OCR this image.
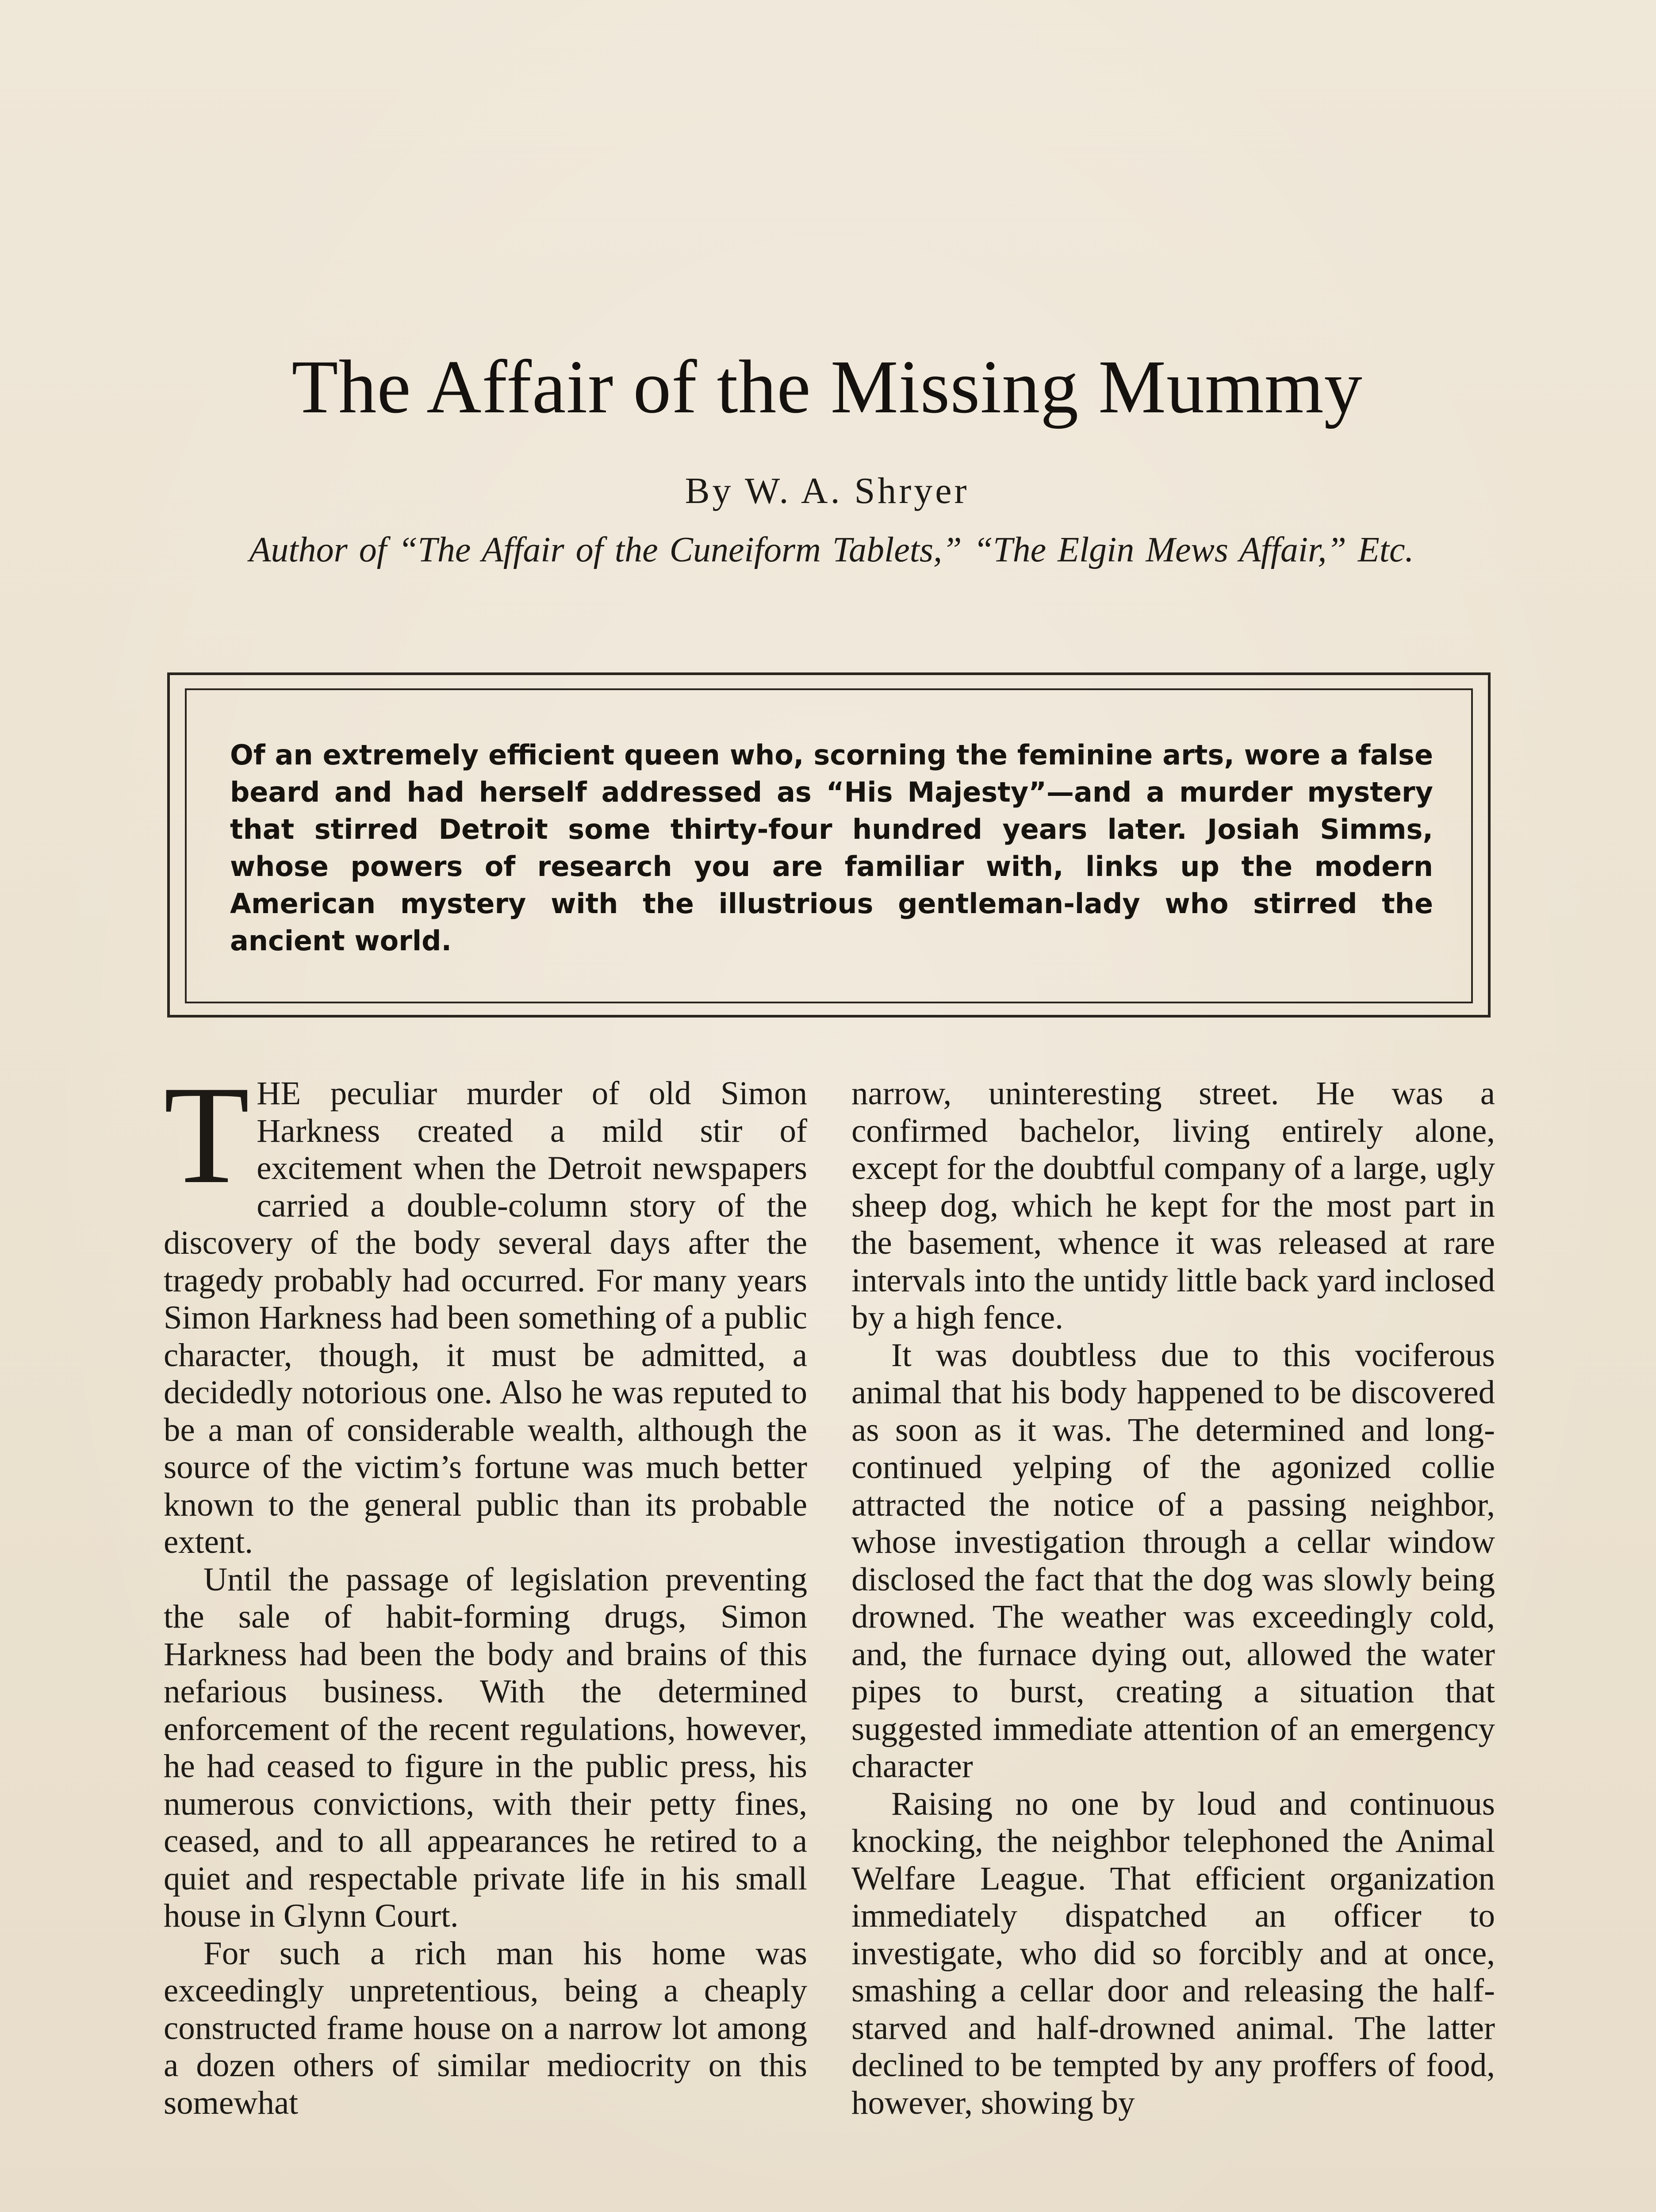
The Affair of the Missing Mummy
By W. A. Shryer
Author of “The Affair of the Cuneiform Tablets,” “The Elgin Mews Affair,” Etc.

Of an extremely efficient queen who, scorning the feminine arts, wore a false beard and had herself addressed as “His Majesty”—and a murder mystery that stirred Detroit some thirty-four hundred years later. Josiah Simms, whose powers of research you are familiar with, links up the modern American mystery with the illustrious gentleman-lady who stirred the ancient world.

THE peculiar murder of old Simon Harkness created a mild stir of excitement when the Detroit newspapers carried a double-column story of the discovery of the body several days after the tragedy probably had occurred. For many years Simon Harkness had been something of a public character, though, it must be admitted, a decidedly notorious one. Also he was reputed to be a man of considerable wealth, although the source of the victim’s fortune was much better known to the general public than its probable extent.

Until the passage of legislation preventing the sale of habit-forming drugs, Simon Harkness had been the body and brains of this nefarious business. With the determined enforcement of the recent regulations, however, he had ceased to figure in the public press, his numerous convictions, with their petty fines, ceased, and to all appearances he retired to a quiet and respectable private life in his small house in Glynn Court.

For such a rich man his home was exceedingly unpretentious, being a cheaply constructed frame house on a narrow lot among a dozen others of similar mediocrity on this somewhat

narrow, uninteresting street. He was a confirmed bachelor, living entirely alone, except for the doubtful company of a large, ugly sheep dog, which he kept for the most part in the basement, whence it was released at rare intervals into the untidy little back yard inclosed by a high fence.

It was doubtless due to this vociferous animal that his body happened to be discovered as soon as it was. The determined and long-continued yelping of the agonized collie attracted the notice of a passing neighbor, whose investigation through a cellar window disclosed the fact that the dog was slowly being drowned. The weather was exceedingly cold, and, the furnace dying out, allowed the water pipes to burst, creating a situation that suggested immediate attention of an emergency character

Raising no one by loud and continuous knocking, the neighbor telephoned the Animal Welfare League. That efficient organization immediately dispatched an officer to investigate, who did so forcibly and at once, smashing a cellar door and releasing the half-starved and half-drowned animal. The latter declined to be tempted by any proffers of food, however, showing by
